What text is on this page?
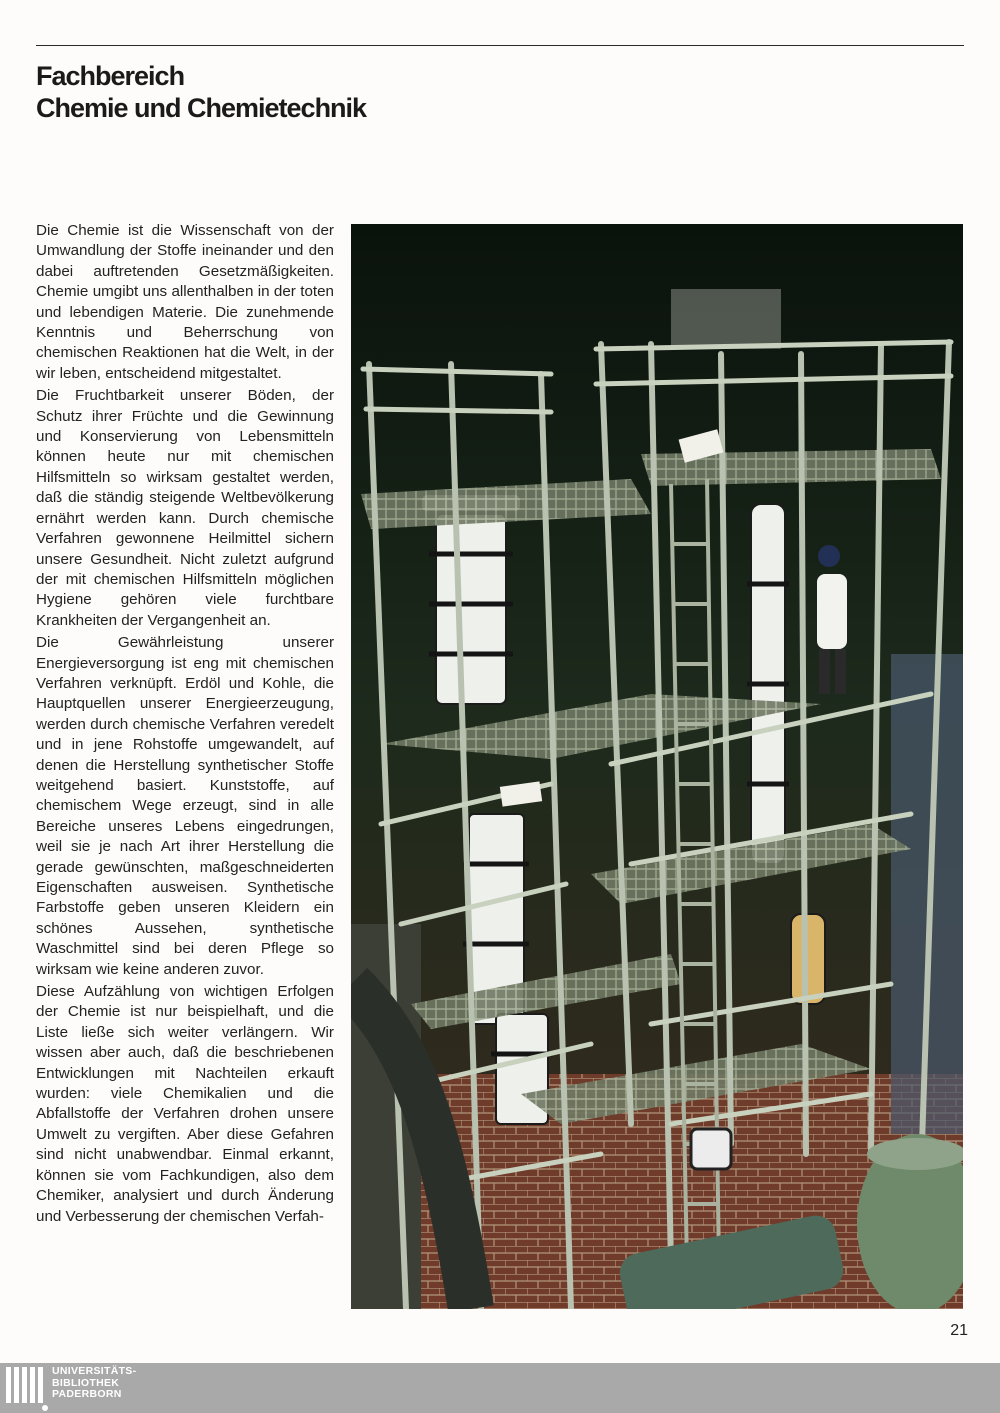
Fachbereich
Chemie und Chemietechnik

Die Chemie ist die Wissenschaft von der Umwandlung der Stoffe ineinander und den dabei auftretenden Gesetzmäßigkeiten. Chemie umgibt uns allenthalben in der toten und lebendigen Materie. Die zunehmende Kenntnis und Beherrschung von chemischen Reaktionen hat die Welt, in der wir leben, entscheidend mitgestaltet.

Die Fruchtbarkeit unserer Böden, der Schutz ihrer Früchte und die Gewinnung und Konservierung von Lebensmitteln können heute nur mit chemischen Hilfsmitteln so wirksam gestaltet werden, daß die ständig steigende Weltbevölkerung ernährt werden kann. Durch chemische Verfahren gewonnene Heilmittel sichern unsere Gesundheit. Nicht zuletzt aufgrund der mit chemischen Hilfsmitteln möglichen Hygiene gehören viele furchtbare Krankheiten der Vergangenheit an.

Die Gewährleistung unserer Energieversorgung ist eng mit chemischen Verfahren verknüpft. Erdöl und Kohle, die Hauptquellen unserer Energieerzeugung, werden durch chemische Verfahren veredelt und in jene Rohstoffe umgewandelt, auf denen die Herstellung synthetischer Stoffe weitgehend basiert. Kunststoffe, auf chemischem Wege erzeugt, sind in alle Bereiche unseres Lebens eingedrungen, weil sie je nach Art ihrer Herstellung die gerade gewünschten, maßgeschneiderten Eigenschaften ausweisen. Synthetische Farbstoffe geben unseren Kleidern ein schönes Aussehen, synthetische Waschmittel sind bei deren Pflege so wirksam wie keine anderen zuvor.

Diese Aufzählung von wichtigen Erfolgen der Chemie ist nur beispielhaft, und die Liste ließe sich weiter verlängern. Wir wissen aber auch, daß die beschriebenen Entwicklungen mit Nachteilen erkauft wurden: viele Chemikalien und die Abfallstoffe der Verfahren drohen unsere Umwelt zu vergiften. Aber diese Gefahren sind nicht unabwendbar. Einmal erkannt, können sie vom Fachkundigen, also dem Chemiker, analysiert und durch Änderung und Verbesserung der chemischen Verfah-

21
UNIVERSITÄTS-
BIBLIOTHEK
PADERBORN
